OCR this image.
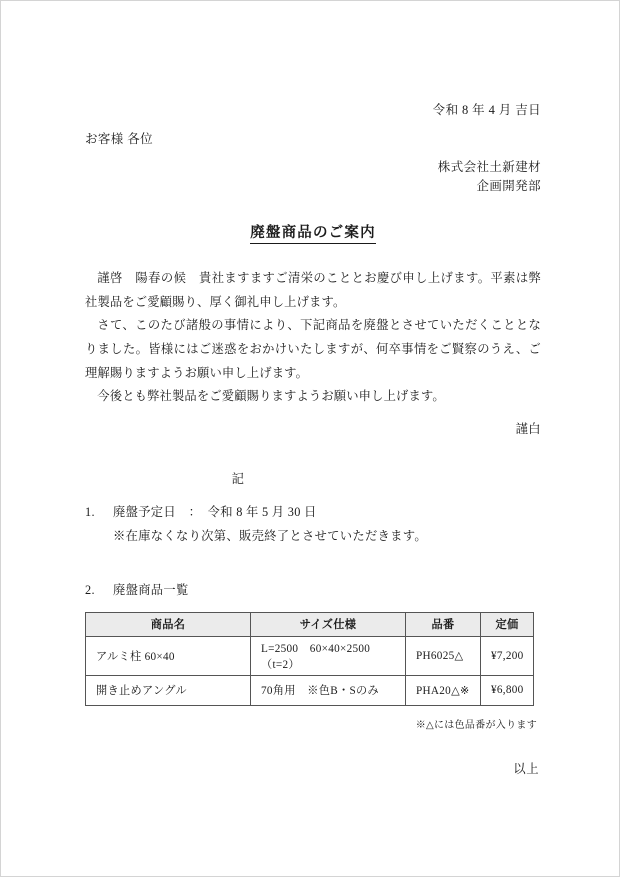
令和 8 年 4 月 吉日
お客様 各位
株式会社土新建材
企画開発部
廃盤商品のご案内

謹啓　陽春の候　貴社ますますご清栄のこととお慶び申し上げます。平素は弊社製品をご愛顧賜り、厚く御礼申し上げます。

さて、このたび諸般の事情により、下記商品を廃盤とさせていただくこととなりました。皆様にはご迷惑をおかけいたしますが、何卒事情をご賢察のうえ、ご理解賜りますようお願い申し上げます。

今後とも弊社製品をご愛顧賜りますようお願い申し上げます。

謹白
記
1.	廃盤予定日　：　令和 8 年 5 月 30 日
※在庫なくなり次第、販売終了とさせていただきます。
2.	廃盤商品一覧
商品名	サイズ仕様	品番	定価
アルミ柱 60×40	L=2500　60×40×2500（t=2）	PH6025△	¥7,200
開き止めアングル	70角用　※色B・Sのみ	PHA20△※	¥6,800
※△には色品番が入ります
以上
